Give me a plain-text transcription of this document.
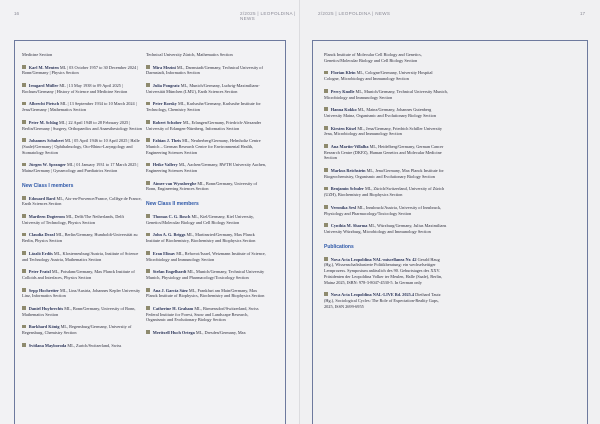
16	2/2025 | LEOPOLDINA | NEWS
Medicine Section
Karl M. Menten ML | 03 October 1957 to 30 December 2024 | Bonn/Germany | Physics Section
Irmgard Müller ML | 13 May 1938 to 09 April 2025 | Bochum/Germany | History of Science and Medicine Section
Albrecht Pietsch ML | 13 September 1934 to 10 March 2024 | Jena/Germany | Mathematics Section
Peter M. Schlag ML | 22 April 1948 to 28 February 2025 | Berlin/Germany | Surgery, Orthopaedics and Anaesthesiology Section
Johannes Schubert ML | 05 April 1946 to 10 April 2025 | Halle (Saale)/Germany | Ophthalmology, Oto-Rhino-Laryngology and Stomatology Section
Jürgen W. Spranger ML | 01 January 1931 to 17 March 2025 | Mainz/Germany | Gynaecology and Paediatrics Section
New Class I members
Edouard Bard ML, Aix-en-Provence/France, Collège de France, Earth Sciences Section
Marileen Dogterom ML, Delft/The Netherlands, Delft University of Technology, Physics Section
Claudia Draxl ML, Berlin/Germany, Humboldt-Universität zu Berlin, Physics Section
László Erdős ML, Klosterneuburg/Austria, Institute of Science and Technology Austria, Mathematics Section
Peter Fratzl ML, Potsdam/Germany, Max Planck Institute of Colloids and Interfaces, Physics Section
Sepp Hochreiter ML, Linz/Austria, Johannes Kepler University Linz, Informatics Section
Daniel Huybrechts ML, Bonn/Germany, University of Bonn, Mathematics Section
Burkhard König ML, Regensburg/Germany, University of Regensburg, Chemistry Section
Svitlana Mayboroda ML, Zurich/Switzerland, Swiss
Technical University Zürich, Mathematics Section
Mira Mezini ML, Darmstadt/Germany, Technical University of Darmstadt, Informatics Section
Julia Pongratz ML, Munich/Germany, Ludwig-Maximilians-Universität München (LMU), Earth Sciences Section
Peter Roesky ML, Karlsruhe/Germany, Karlsruhe Institute for Technology, Chemistry Section
Robert Schober ML, Erlangen/Germany, Friedrich-Alexander University of Erlangen-Nürnberg, Informatics Section
Fabian J. Theis ML, Neuherberg/Germany, Helmholtz Centre Munich – German Research Centre for Environmental Health, Engineering Sciences Section
Heike Vallery ML, Aachen/Germany, RWTH University Aachen, Engineering Sciences Section
Aimee van Wynsberghe ML, Bonn/Germany, University of Bonn, Engineering Sciences Section
New Class II members
Thomas C. G. Bosch ML, Kiel/Germany, Kiel University, Genetics/Molecular Biology and Cell Biology Section
John A. G. Briggs ML, Martinsried/Germany, Max Planck Institute of Biochemistry, Biochemistry and Biophysics Section
Eran Elinav ML, Rehovot/Israel, Weizmann Institute of Science, Microbiology and Immunology Section
Stefan Engelhardt ML, Munich/Germany, Technical University Munich, Physiology and Pharmacology/Toxicology Section
Ana J. García Sáez ML, Frankfurt am Main/Germany, Max Planck Institute of Biophysics, Biochemistry and Biophysics Section
Catherine H. Graham ML, Birmensdorf/Switzerland, Swiss Federal Institute for Forest, Snow and Landscape Research, Organismic and Evolutionary Biology Section
Meritxell Huch Ortega ML, Dresden/Germany, Max
2/2025 | LEOPOLDINA | NEWS	17
Planck Institute of Molecular Cell Biology and Genetics, Genetics/Molecular Biology and Cell Biology Section
Florian Klein ML, Cologne/Germany, University Hospital Cologne, Microbiology and Immunology Section
Percy Knolle ML, Munich/Germany, Technical University Munich, Microbiology and Immunology Section
Hanna Kokko ML, Mainz/Germany, Johannes Gutenberg University Mainz, Organismic and Evolutionary Biology Section
Kirsten Küsel ML, Jena/Germany, Friedrich Schiller University Jena, Microbiology and Immunology Section
Ana Martin-Villalba ML, Heidelberg/Germany, German Cancer Research Centre (DKFZ), Human Genetics and Molecular Medicine Section
Markus Reichstein ML, Jena/Germany, Max Planck Institute for Biogeochemistry, Organismic and Evolutionary Biology Section
Benjamin Schuler ML, Zürich/Switzerland, University of Zürich (UZH), Biochemistry and Biophysics Section
Veronika Sexl ML, Innsbruck/Austria, University of Innsbruck, Physiology and Pharmacology/Toxicology Section
Cynthia M. Sharma ML, Würzburg/Germany, Julius Maximilians University Würzburg, Microbiology and Immunology Section
Publications
Nova Acta Leopoldina NAL-miscellanea Nr. 42 Gerald Haug (Hg.), Wissenschaftsbasierte Politikberatung: ein wechselseitiger Lernprozess. Symposium anlässlich des 90. Geburtstages des XXV. Präsidenten der Leopoldina Volker ter Meulen, Halle (Saale), Berlin, Mainz 2025, ISBN: 978-3-8047-4530-5. In German only
Nova Acta Leopoldina NAL-LIVE Bd. 2025.4 Diethard Tautz (Hg.), Sociological Cycles: The Role of Expectation-Reality Gaps, 2025, ISSN 2699-6955
